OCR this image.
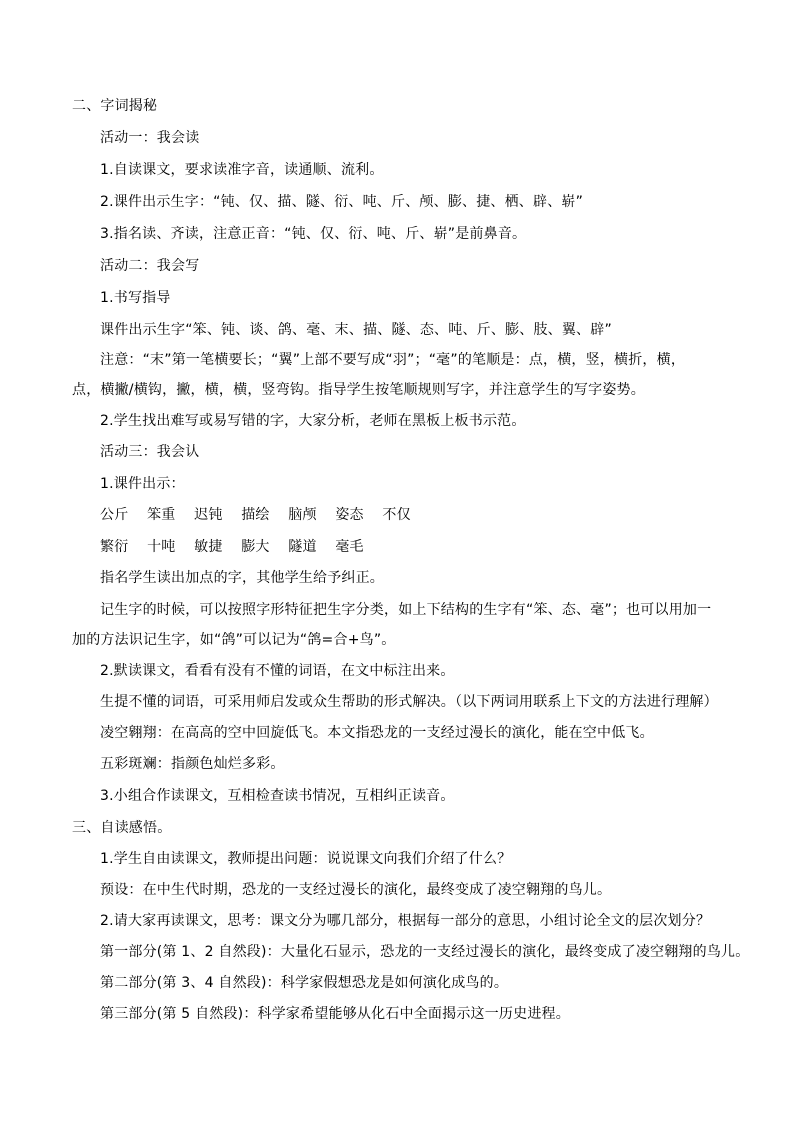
二、字词揭秘
活动一：我会读
1.自读课文，要求读准字音，读通顺、流利。
2.课件出示生字：“钝、仅、描、隧、衍、吨、斤、颅、膨、捷、栖、辟、崭”
3.指名读、齐读，注意正音：“钝、仅、衍、吨、斤、崭”是前鼻音。
活动二：我会写
1.书写指导
课件出示生字“笨、钝、谈、鸽、毫、末、描、隧、态、吨、斤、膨、肢、翼、辟”
注意：“末”第一笔横要长；“翼”上部不要写成“羽”；“毫”的笔顺是：点，横，竖，横折，横，
点，横撇/横钩，撇，横，横，竖弯钩。指导学生按笔顺规则写字，并注意学生的写字姿势。
2.学生找出难写或易写错的字，大家分析，老师在黑板上板书示范。
活动三：我会认
1.课件出示：
公斤 笨重 迟钝 描绘 脑颅 姿态 不仅
繁衍 十吨 敏捷 膨大 隧道 毫毛
指名学生读出加点的字，其他学生给予纠正。
记生字的时候，可以按照字形特征把生字分类，如上下结构的生字有“笨、态、毫”；也可以用加一
加的方法识记生字，如“鸽”可以记为“鸽=合+鸟”。
2.默读课文，看看有没有不懂的词语，在文中标注出来。
生提不懂的词语，可采用师启发或众生帮助的形式解决。（以下两词用联系上下文的方法进行理解）
凌空翱翔：在高高的空中回旋低飞。本文指恐龙的一支经过漫长的演化，能在空中低飞。
五彩斑斓：指颜色灿烂多彩。
3.小组合作读课文，互相检查读书情况，互相纠正读音。
三、自读感悟。
1.学生自由读课文，教师提出问题：说说课文向我们介绍了什么？
预设：在中生代时期，恐龙的一支经过漫长的演化，最终变成了凌空翱翔的鸟儿。
2.请大家再读课文，思考：课文分为哪几部分，根据每一部分的意思，小组讨论全文的层次划分？
第一部分(第 1、2 自然段)：大量化石显示，恐龙的一支经过漫长的演化，最终变成了凌空翱翔的鸟儿。
第二部分(第 3、4 自然段)：科学家假想恐龙是如何演化成鸟的。
第三部分(第 5 自然段)：科学家希望能够从化石中全面揭示这一历史进程。
